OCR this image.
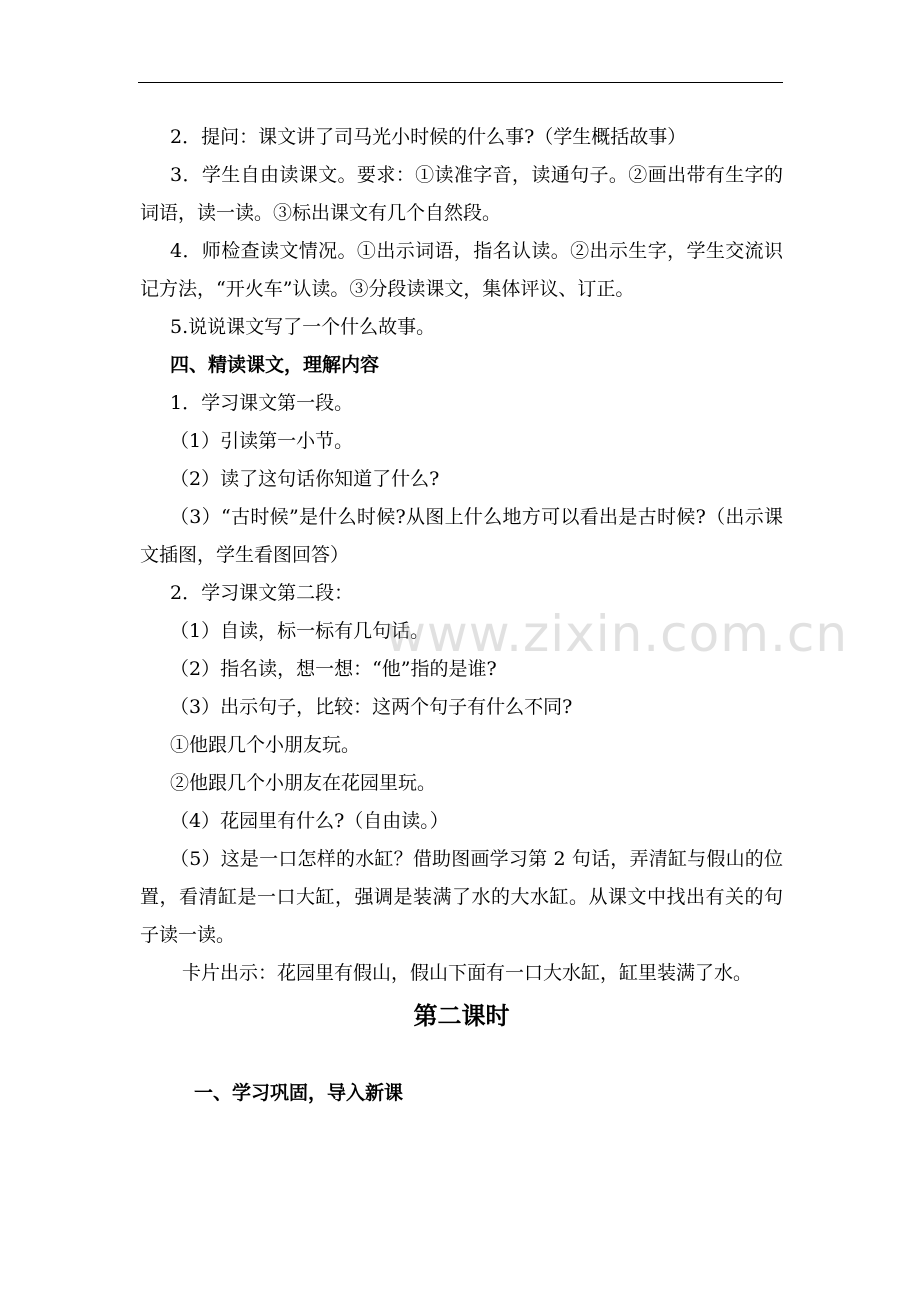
2．提问：课文讲了司马光小时候的什么事?（学生概括故事）

3．学生自由读课文。要求：①读准字音，读通句子。②画出带有生字的词语，读一读。③标出课文有几个自然段。

4．师检查读文情况。①出示词语，指名认读。②出示生字，学生交流识记方法，“开火车”认读。③分段读课文，集体评议、订正。

5.说说课文写了一个什么故事。

四、精读课文，理解内容

1．学习课文第一段。

（1）引读第一小节。

（2）读了这句话你知道了什么?

（3）“古时候”是什么时候?从图上什么地方可以看出是古时候?（出示课文插图，学生看图回答）

2．学习课文第二段：

（1）自读，标一标有几句话。

（2）指名读，想一想：“他”指的是谁?

（3）出示句子，比较：这两个句子有什么不同?

①他跟几个小朋友玩。

②他跟几个小朋友在花园里玩。

（4）花园里有什么?（自由读。）

（5）这是一口怎样的水缸？借助图画学习第 2 句话，弄清缸与假山的位置，看清缸是一口大缸，强调是装满了水的大水缸。从课文中找出有关的句子读一读。

卡片出示：花园里有假山，假山下面有一口大水缸，缸里装满了水。

第二课时

一、学习巩固，导入新课

www.zixin.com.cn
